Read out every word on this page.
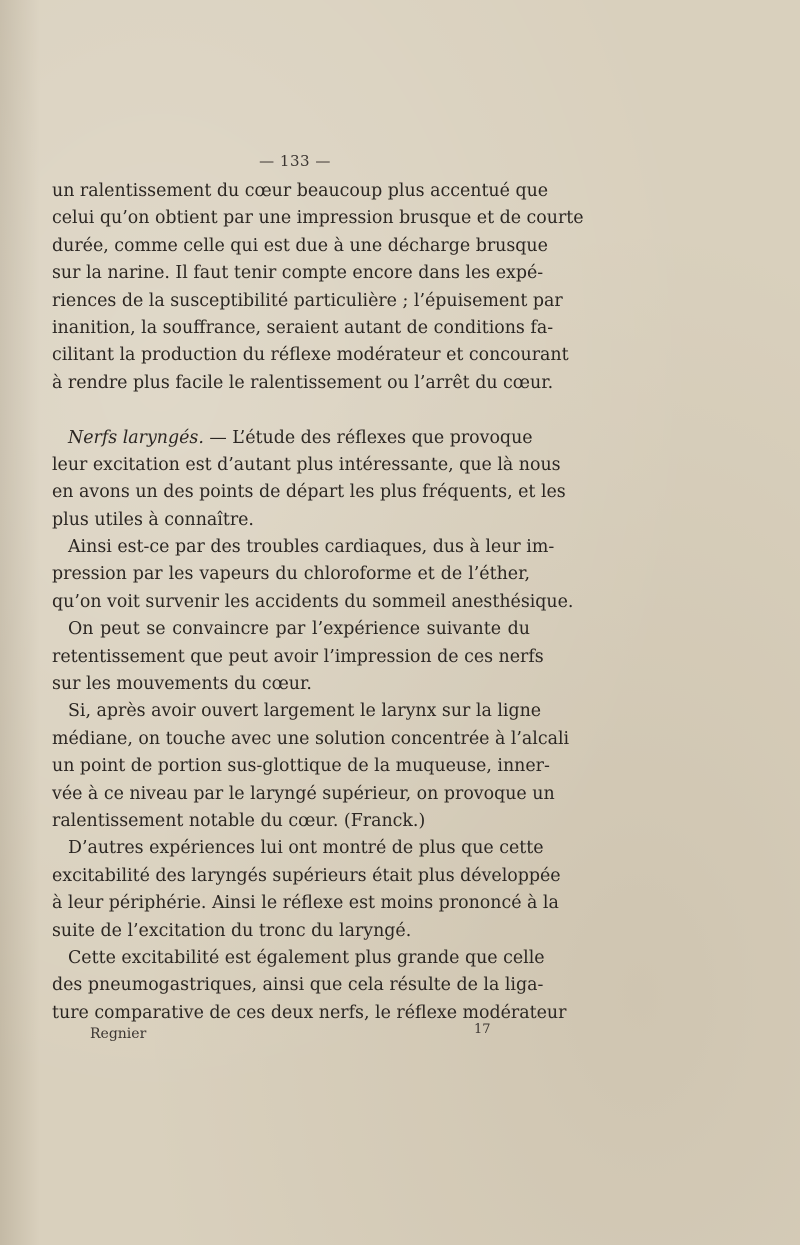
— 133 —
un ralentissement du cœur beaucoup plus accentué que
celui qu’on obtient par une impression brusque et de courte
durée, comme celle qui est due à une décharge brusque
sur la narine. Il faut tenir compte encore dans les expé-
riences de la susceptibilité particulière ; l’épuisement par
inanition, la souffrance, seraient autant de conditions fa-
cilitant la production du réflexe modérateur et concourant
à rendre plus facile le ralentissement ou l’arrêt du cœur.
Nerfs laryngés. — L’étude des réflexes que provoque
leur excitation est d’autant plus intéressante, que là nous
en avons un des points de départ les plus fréquents, et les
plus utiles à connaître.
Ainsi est-ce par des troubles cardiaques, dus à leur im-
pression par les vapeurs du chloroforme et de l’éther,
qu’on voit survenir les accidents du sommeil anesthésique.
On peut se convaincre par l’expérience suivante du
retentissement que peut avoir l’impression de ces nerfs
sur les mouvements du cœur.
Si, après avoir ouvert largement le larynx sur la ligne
médiane, on touche avec une solution concentrée à l’alcali
un point de portion sus-glottique de la muqueuse, inner-
vée à ce niveau par le laryngé supérieur, on provoque un
ralentissement notable du cœur. (Franck.)
D’autres expériences lui ont montré de plus que cette
excitabilité des laryngés supérieurs était plus développée
à leur périphérie. Ainsi le réflexe est moins prononcé à la
suite de l’excitation du tronc du laryngé.
Cette excitabilité est également plus grande que celle
des pneumogastriques, ainsi que cela résulte de la liga-
ture comparative de ces deux nerfs, le réflexe modérateur
Regnier	17
